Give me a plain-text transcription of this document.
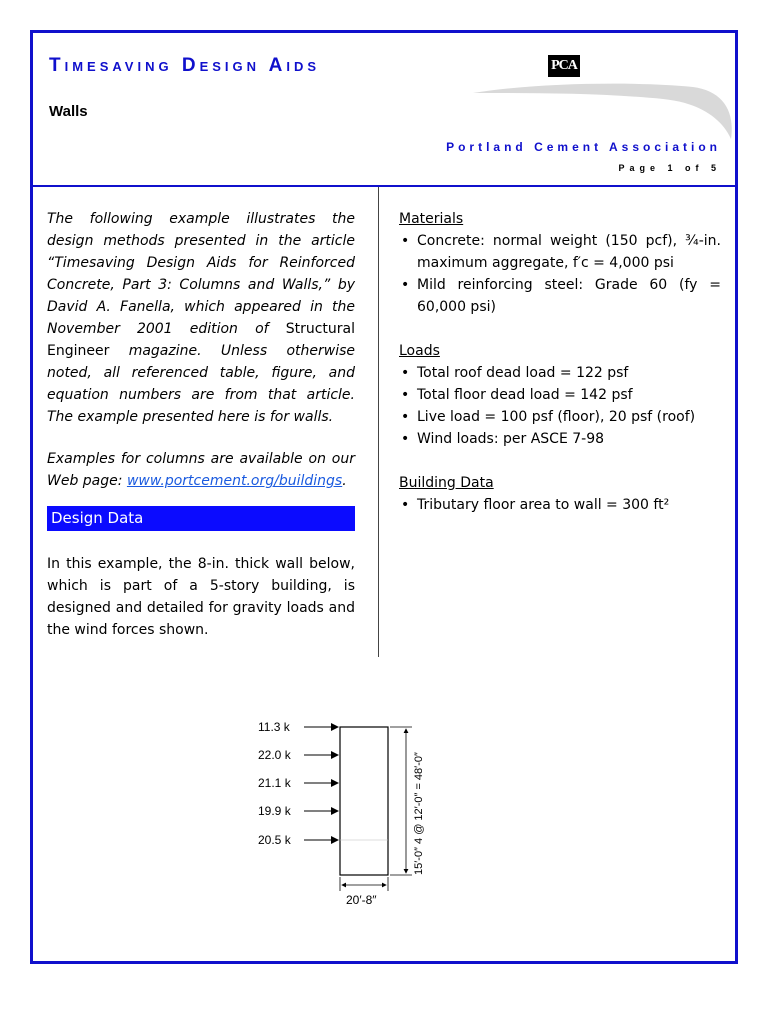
Timesaving Design Aids
Walls
PCA
Portland Cement Association
Page 1 of 5

The following example illustrates the design methods presented in the article “Timesaving Design Aids for Reinforced Concrete, Part 3: Columns and Walls,” by David A. Fanella, which appeared in the November 2001 edition of Structural Engineer magazine. Unless otherwise noted, all referenced table, figure, and equation numbers are from that article. The example presented here is for walls.

Examples for columns are available on our Web page: www.portcement.org/buildings.

Design Data

In this example, the 8-in. thick wall below, which is part of a 5-story building, is designed and detailed for gravity loads and the wind forces shown.

Materials

• Concrete: normal weight (150 pcf), ¾-in. maximum aggregate, f′c = 4,000 psi
• Mild reinforcing steel: Grade 60 (fy = 60,000 psi)

Loads

• Total roof dead load = 122 psf
• Total floor dead load = 142 psf
• Live load = 100 psf (floor), 20 psf (roof)
• Wind loads: per ASCE 7-98

Building Data

• Tributary floor area to wall = 300 ft²
11.3 k
22.0 k
21.1 k
19.9 k
20.5 k	15′-0″ 4 @ 12′-0″ = 48′-0″
20′-8″
